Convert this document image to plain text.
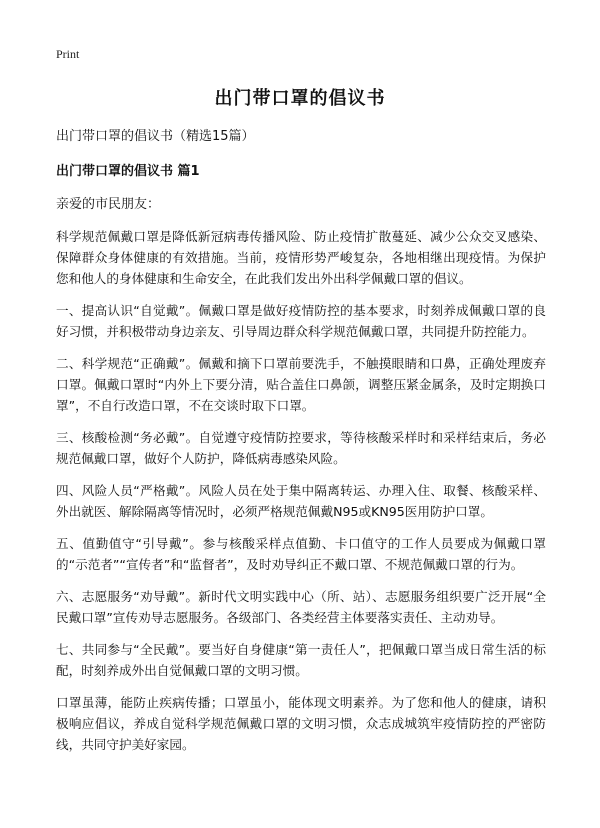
Print
出门带口罩的倡议书

出门带口罩的倡议书（精选15篇）

出门带口罩的倡议书 篇1

亲爱的市民朋友：

科学规范佩戴口罩是降低新冠病毒传播风险、防止疫情扩散蔓延、减少公众交叉感染、保障群众身体健康的有效措施。当前，疫情形势严峻复杂，各地相继出现疫情。为保护您和他人的身体健康和生命安全，在此我们发出外出科学佩戴口罩的倡议。

一、提高认识“自觉戴”。佩戴口罩是做好疫情防控的基本要求，时刻养成佩戴口罩的良好习惯，并积极带动身边亲友、引导周边群众科学规范佩戴口罩，共同提升防控能力。

二、科学规范“正确戴”。佩戴和摘下口罩前要洗手，不触摸眼睛和口鼻，正确处理废弃口罩。佩戴口罩时“内外上下要分清，贴合盖住口鼻颌，调整压紧金属条，及时定期换口罩”，不自行改造口罩，不在交谈时取下口罩。

三、核酸检测“务必戴”。自觉遵守疫情防控要求，等待核酸采样时和采样结束后，务必规范佩戴口罩，做好个人防护，降低病毒感染风险。

四、风险人员“严格戴”。风险人员在处于集中隔离转运、办理入住、取餐、核酸采样、外出就医、解除隔离等情况时，必须严格规范佩戴N95或KN95医用防护口罩。

五、值勤值守“引导戴”。参与核酸采样点值勤、卡口值守的工作人员要成为佩戴口罩的“示范者”“宣传者”和“监督者”，及时劝导纠正不戴口罩、不规范佩戴口罩的行为。

六、志愿服务“劝导戴”。新时代文明实践中心（所、站）、志愿服务组织要广泛开展“全民戴口罩”宣传劝导志愿服务。各级部门、各类经营主体要落实责任、主动劝导。

七、共同参与“全民戴”。要当好自身健康“第一责任人”，把佩戴口罩当成日常生活的标配，时刻养成外出自觉佩戴口罩的文明习惯。

口罩虽薄，能防止疾病传播；口罩虽小，能体现文明素养。为了您和他人的健康，请积极响应倡议，养成自觉科学规范佩戴口罩的文明习惯，众志成城筑牢疫情防控的严密防线，共同守护美好家园。
